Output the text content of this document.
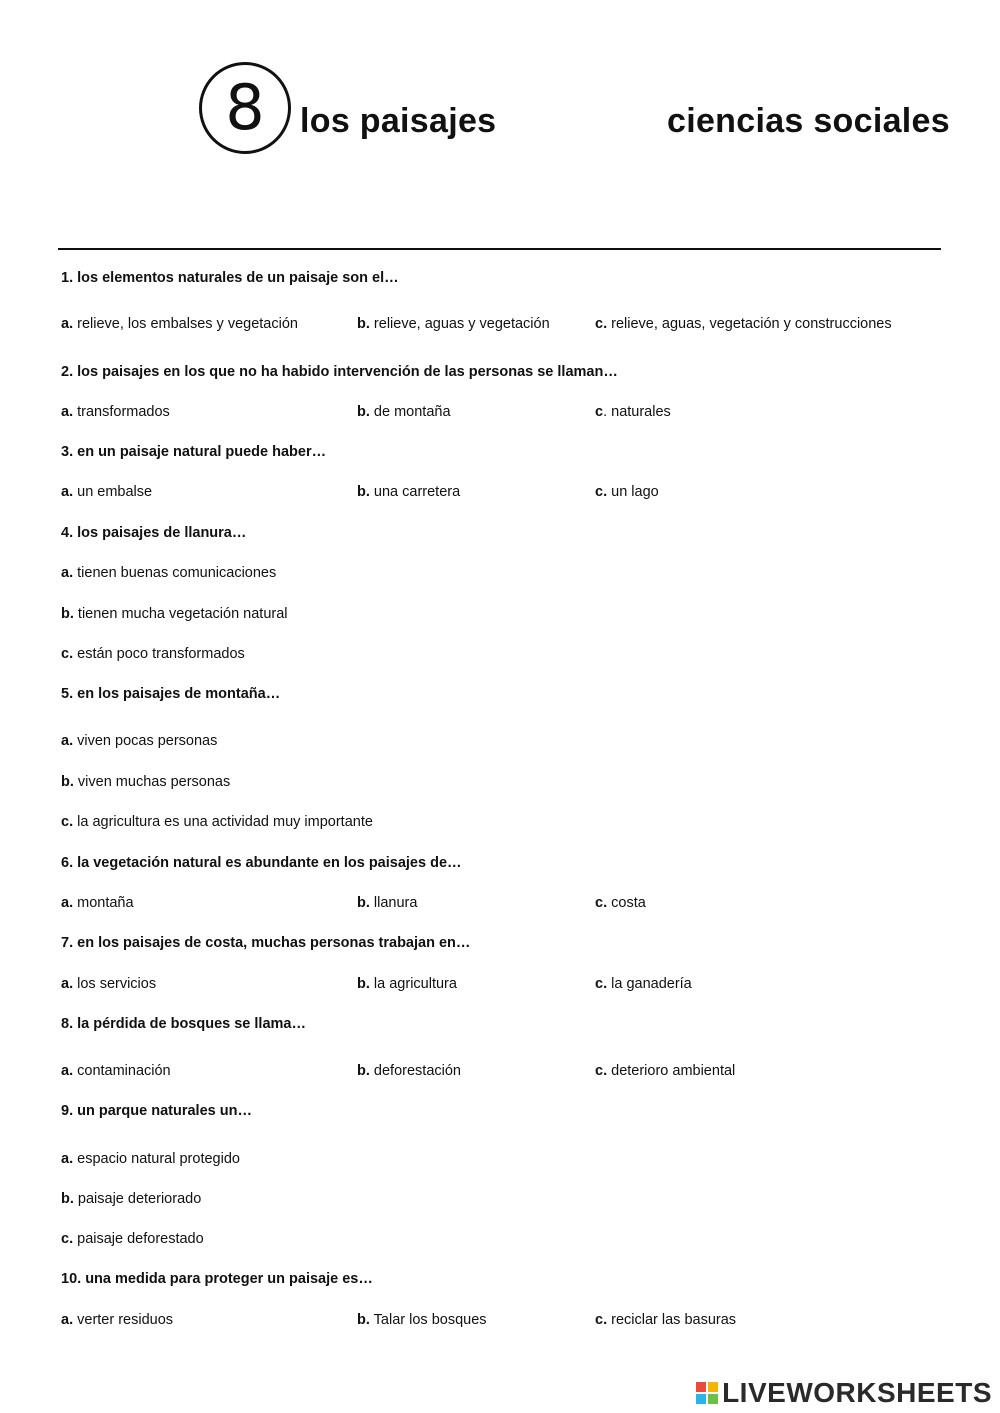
8 los paisajes	ciencias sociales
1. los elementos naturales de un paisaje son el…
a. relieve, los embalses y vegetación	b. relieve, aguas y vegetación	c. relieve, aguas, vegetación y construcciones
2. los paisajes en los que no ha habido intervención de las personas se llaman…
a. transformados	b. de montaña	c. naturales
3. en un paisaje natural puede haber…
a. un embalse	b. una carretera	c. un lago
4. los paisajes de llanura…
a. tienen buenas comunicaciones
b. tienen mucha vegetación natural
c. están poco transformados
5. en los paisajes de montaña…
a. viven pocas personas
b. viven muchas personas
c. la agricultura es una actividad muy importante
6. la vegetación natural es abundante en los paisajes de…
a. montaña	b. llanura	c. costa
7. en los paisajes de costa, muchas personas trabajan en…
a. los servicios	b. la agricultura	c. la ganadería
8. la pérdida de bosques se llama…
a. contaminación	b. deforestación	c. deterioro ambiental
9. un parque naturales un…
a. espacio natural protegido
b. paisaje deteriorado
c. paisaje deforestado
10. una medida para proteger un paisaje es…
a. verter residuos	b. Talar los bosques	c. reciclar las basuras
LIVEWORKSHEETS
